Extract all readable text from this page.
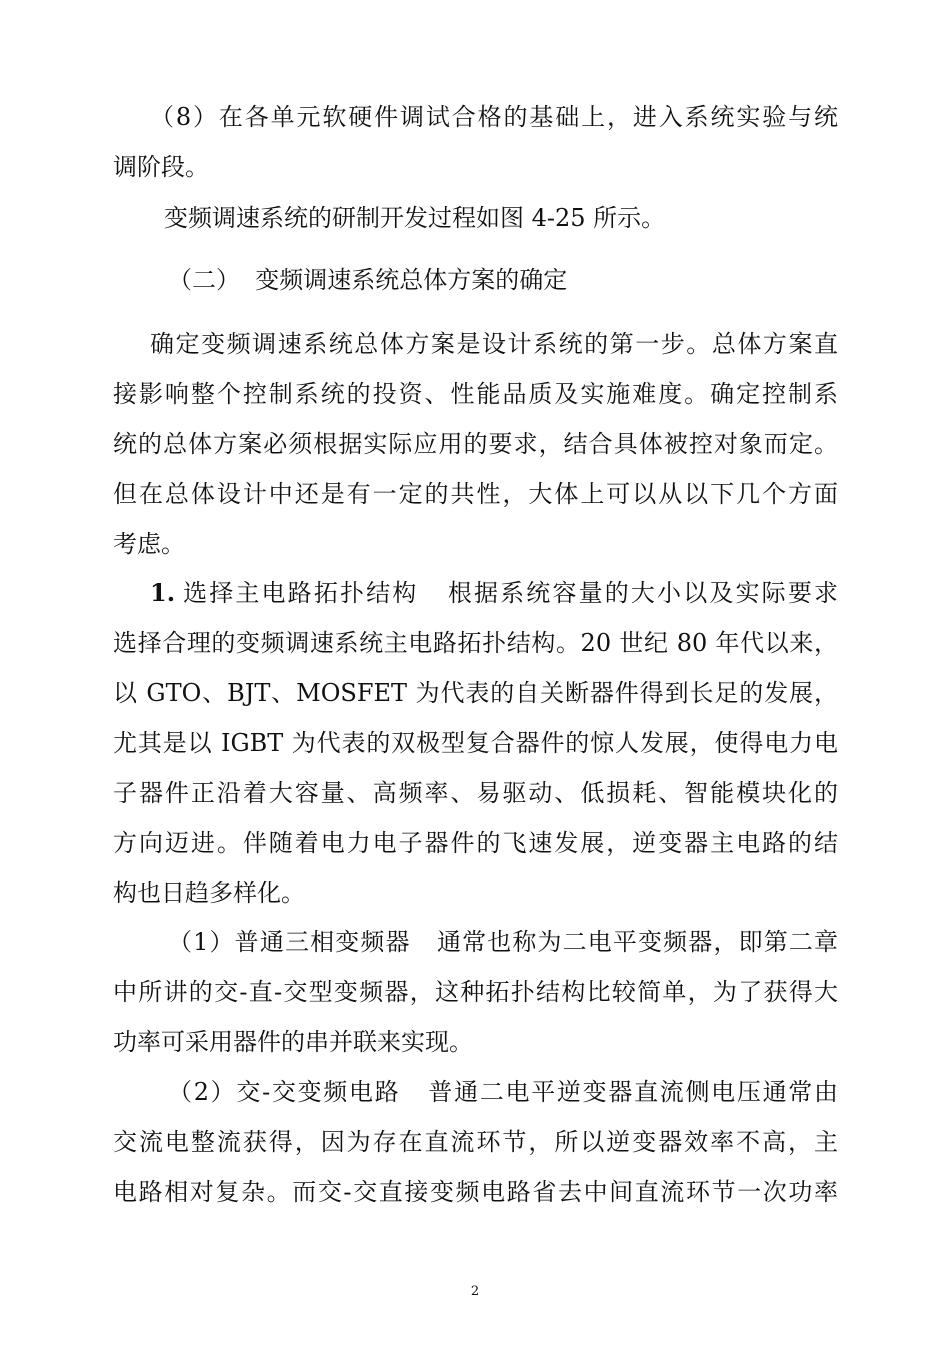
（8）在各单元软硬件调试合格的基础上，进入系统实验与统
调阶段。
变频调速系统的研制开发过程如图 4-25 所示。
（二）  变频调速系统总体方案的确定
确定变频调速系统总体方案是设计系统的第一步。总体方案直
接影响整个控制系统的投资、性能品质及实施难度。确定控制系
统的总体方案必须根据实际应用的要求，结合具体被控对象而定。
但在总体设计中还是有一定的共性，大体上可以从以下几个方面
考虑。
1. 选择主电路拓扑结构   根据系统容量的大小以及实际要求
选择合理的变频调速系统主电路拓扑结构。20 世纪 80 年代以来，
以 GTO、BJT、MOSFET 为代表的自关断器件得到长足的发展，
尤其是以 IGBT 为代表的双极型复合器件的惊人发展，使得电力电
子器件正沿着大容量、高频率、易驱动、低损耗、智能模块化的
方向迈进。伴随着电力电子器件的飞速发展，逆变器主电路的结
构也日趋多样化。
（1）普通三相变频器   通常也称为二电平变频器，即第二章
中所讲的交-直-交型变频器，这种拓扑结构比较简单，为了获得大
功率可采用器件的串并联来实现。
（2）交-交变频电路   普通二电平逆变器直流侧电压通常由
交流电整流获得，因为存在直流环节，所以逆变器效率不高，主
电路相对复杂。而交-交直接变频电路省去中间直流环节一次功率
2
